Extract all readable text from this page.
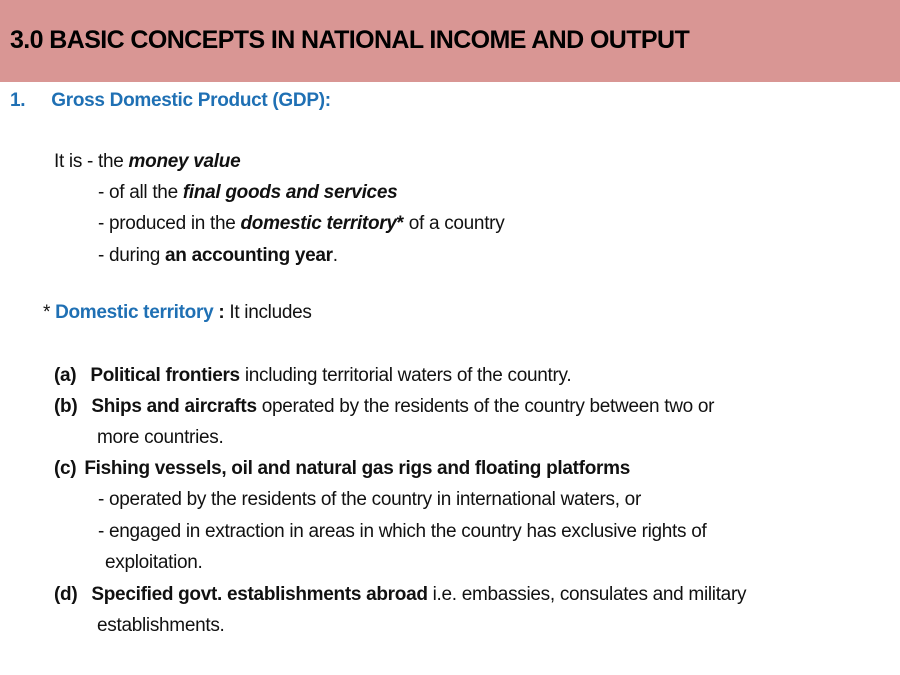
3.0 BASIC CONCEPTS IN NATIONAL INCOME AND OUTPUT
1. Gross Domestic Product (GDP):
It is - the money value
- of all the final goods and services
- produced in the domestic territory* of a country
- during an accounting year.
* Domestic territory : It includes
(a) Political frontiers including territorial waters of the country.
(b) Ships and aircrafts operated by the residents of the country between two or
more countries.
(c) Fishing vessels, oil and natural gas rigs and floating platforms
- operated by the residents of the country in international waters, or
- engaged in extraction in areas in which the country has exclusive rights of
exploitation.
(d) Specified govt. establishments abroad i.e. embassies, consulates and military
establishments.
